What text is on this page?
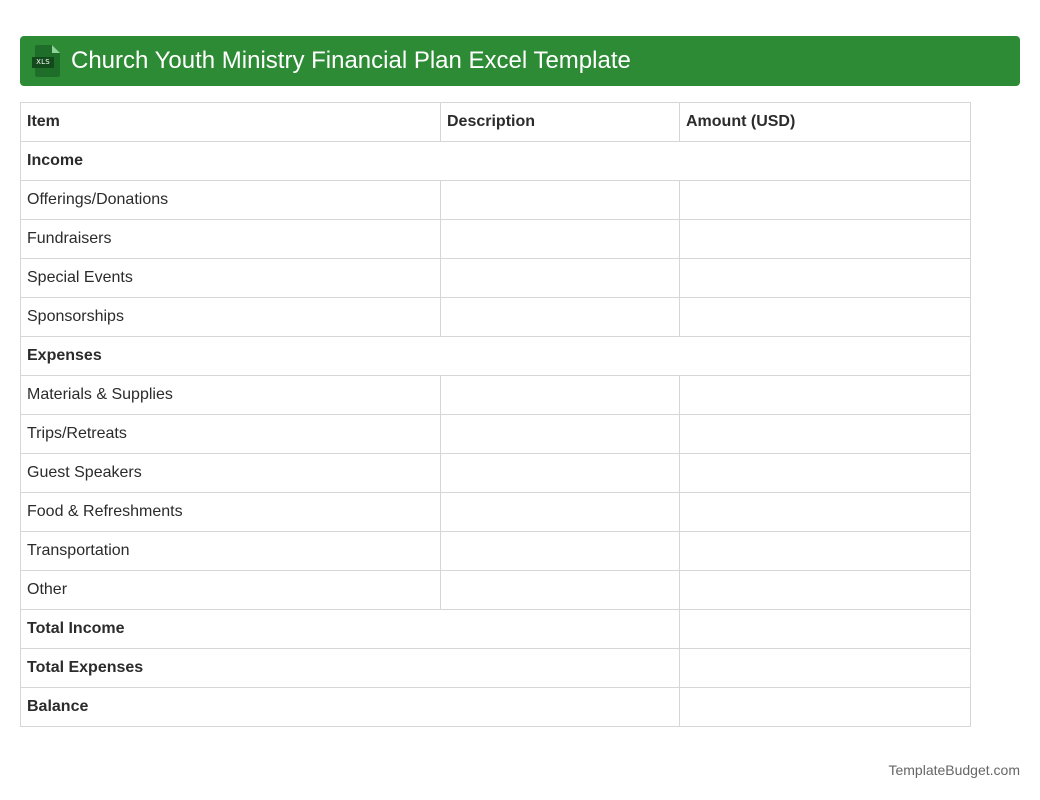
XLS Church Youth Ministry Financial Plan Excel Template
Item	Description	Amount (USD)
Income		
Offerings/Donations		
Fundraisers		
Special Events		
Sponsorships		
Expenses		
Materials & Supplies		
Trips/Retreats		
Guest Speakers		
Food & Refreshments		
Transportation		
Other		
Total Income		
Total Expenses		
Balance		
TemplateBudget.com
